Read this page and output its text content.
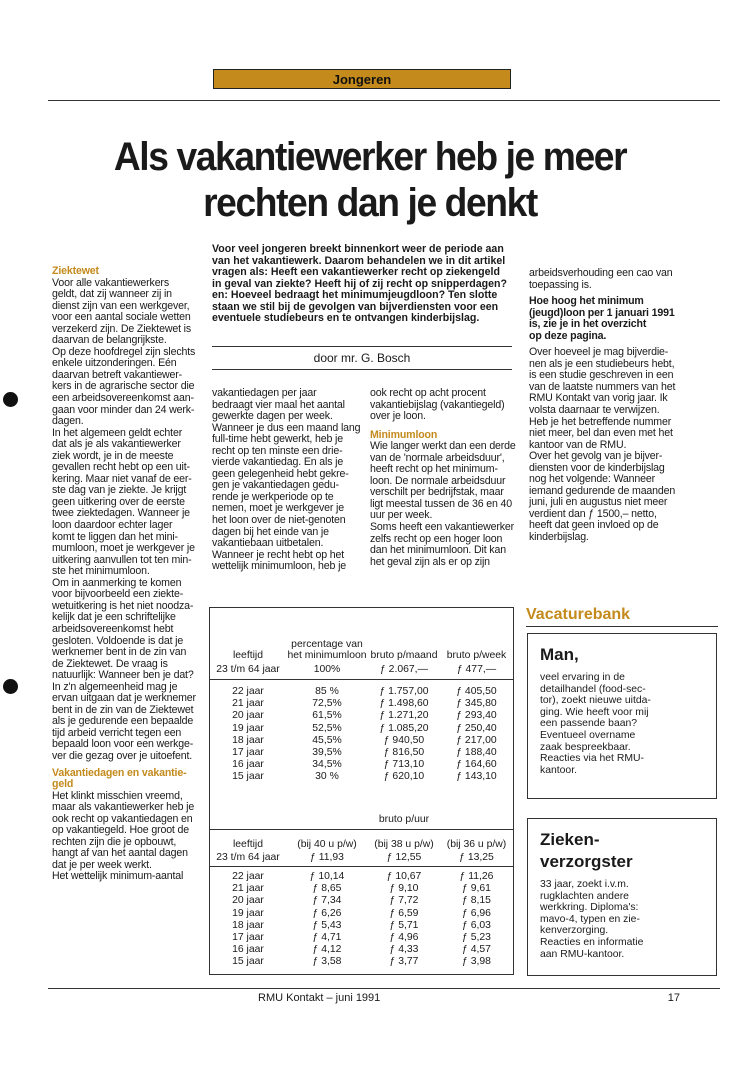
Jongeren
Als vakantiewerker heb je meer
rechten dan je denkt

Ziektewet

Voor alle vakantiewerkers
geldt, dat zij wanneer zij in
dienst zijn van een werkgever,
voor een aantal sociale wetten
verzekerd zijn. De Ziektewet is
daarvan de belangrijkste.
Op deze hoofdregel zijn slechts
enkele uitzonderingen. Eén
daarvan betreft vakantiewer-
kers in de agrarische sector die
een arbeidsovereenkomst aan-
gaan voor minder dan 24 werk-
dagen.
In het algemeen geldt echter
dat als je als vakantiewerker
ziek wordt, je in de meeste
gevallen recht hebt op een uit-
kering. Maar niet vanaf de eer-
ste dag van je ziekte. Je krijgt
geen uitkering over de eerste
twee ziektedagen. Wanneer je
loon daardoor echter lager
komt te liggen dan het mini-
mumloon, moet je werkgever je
uitkering aanvullen tot ten min-
ste het minimumloon.
Om in aanmerking te komen
voor bijvoorbeeld een ziekte-
wetuitkering is het niet noodza-
kelijk dat je een schriftelijke
arbeidsovereenkomst hebt
gesloten. Voldoende is dat je
werknemer bent in de zin van
de Ziektewet. De vraag is
natuurlijk: Wanneer ben je dat?
In z'n algemeenheid mag je
ervan uitgaan dat je werknemer
bent in de zin van de Ziektewet
als je gedurende een bepaalde
tijd arbeid verricht tegen een
bepaald loon voor een werkge-
ver die gezag over je uitoefent.
Vakantiedagen en vakantie-
geld
Het klinkt misschien vreemd,
maar als vakantiewerker heb je
ook recht op vakantiedagen en
op vakantiegeld. Hoe groot de
rechten zijn die je opbouwt,
hangt af van het aantal dagen
dat je per week werkt.
Het wettelijk minimum-aantal
Voor veel jongeren breekt binnenkort weer de periode aan van het vakantiewerk. Daarom behandelen we in dit artikel vragen als: Heeft een vakantiewerker recht op ziekengeld in geval van ziekte? Heeft hij of zij recht op snipperdagen? en: Hoeveel bedraagt het minimumjeugdloon? Ten slotte staan we stil bij de gevolgen van bijverdiensten voor een eventuele studiebeurs en te ontvangen kinderbijslag.
door mr. G. Bosch
vakantiedagen per jaar
bedraagt vier maal het aantal
gewerkte dagen per week.
Wanneer je dus een maand lang
full-time hebt gewerkt, heb je
recht op ten minste een drie-
vierde vakantiedag. En als je
geen gelegenheid hebt gekre-
gen je vakantiedagen gedu-
rende je werkperiode op te
nemen, moet je werkgever je
het loon over de niet-genoten
dagen bij het einde van je
vakantiebaan uitbetalen.
Wanneer je recht hebt op het
wettelijk minimumloon, heb je
ook recht op acht procent
vakantiebijslag (vakantiegeld)
over je loon.

Minimumloon

Wie langer werkt dan een derde
van de 'normale arbeidsduur',
heeft recht op het minimum-
loon. De normale arbeidsduur
verschilt per bedrijfstak, maar
ligt meestal tussen de 36 en 40
uur per week.
Soms heeft een vakantiewerker
zelfs recht op een hoger loon
dan het minimumloon. Dit kan
het geval zijn als er op zijn
arbeidsverhouding een cao van
toepassing is.
Hoe hoog het minimum
(jeugd)loon per 1 januari 1991
is, zie je in het overzicht
op deze pagina.
Over hoeveel je mag bijverdie-
nen als je een studiebeurs hebt,
is een studie geschreven in een
van de laatste nummers van het
RMU Kontakt van vorig jaar. Ik
volsta daarnaar te verwijzen.
Heb je het betreffende nummer
niet meer, bel dan even met het
kantoor van de RMU.
Over het gevolg van je bijver-
diensten voor de kinderbijslag
nog het volgende: Wanneer
iemand gedurende de maanden
juni, juli en augustus niet meer
verdient dan ƒ 1500,– netto,
heeft dat geen invloed op de
kinderbijslag.
leeftijd	percentage van het minimumloon	bruto p/maand	bruto p/week
23 t/m 64 jaar	100%	ƒ 2.067,—	ƒ 477,—
22 jaar	85 %	ƒ 1.757,00	ƒ 405,50
21 jaar	72,5%	ƒ 1.498,60	ƒ 345,80
20 jaar	61,5%	ƒ 1.271,20	ƒ 293,40
19 jaar	52,5%	ƒ 1.085,20	ƒ 250,40
18 jaar	45,5%	ƒ 940,50	ƒ 217,00
17 jaar	39,5%	ƒ 816,50	ƒ 188,40
16 jaar	34,5%	ƒ 713,10	ƒ 164,60
15 jaar	30 %	ƒ 620,10	ƒ 143,10
bruto p/uur
leeftijd	(bij 40 u p/w)	(bij 38 u p/w)	(bij 36 u p/w)
23 t/m 64 jaar	ƒ 11,93	ƒ 12,55	ƒ 13,25
22 jaar	ƒ 10,14	ƒ 10,67	ƒ 11,26
21 jaar	ƒ 8,65	ƒ 9,10	ƒ 9,61
20 jaar	ƒ 7,34	ƒ 7,72	ƒ 8,15
19 jaar	ƒ 6,26	ƒ 6,59	ƒ 6,96
18 jaar	ƒ 5,43	ƒ 5,71	ƒ 6,03
17 jaar	ƒ 4,71	ƒ 4,96	ƒ 5,23
16 jaar	ƒ 4,12	ƒ 4,33	ƒ 4,57
15 jaar	ƒ 3,58	ƒ 3,77	ƒ 3,98
Vacaturebank
Man,
veel ervaring in de
detailhandel (food-sec-
tor), zoekt nieuwe uitda-
ging. Wie heeft voor mij
een passende baan?
Eventueel overname
zaak bespreekbaar.
Reacties via het RMU-
kantoor.
Zieken-
verzorgster
33 jaar, zoekt i.v.m.
rugklachten andere
werkkring. Diploma's:
mavo-4, typen en zie-
kenverzorging.
Reacties en informatie
aan RMU-kantoor.
RMU Kontakt – juni 1991	17
